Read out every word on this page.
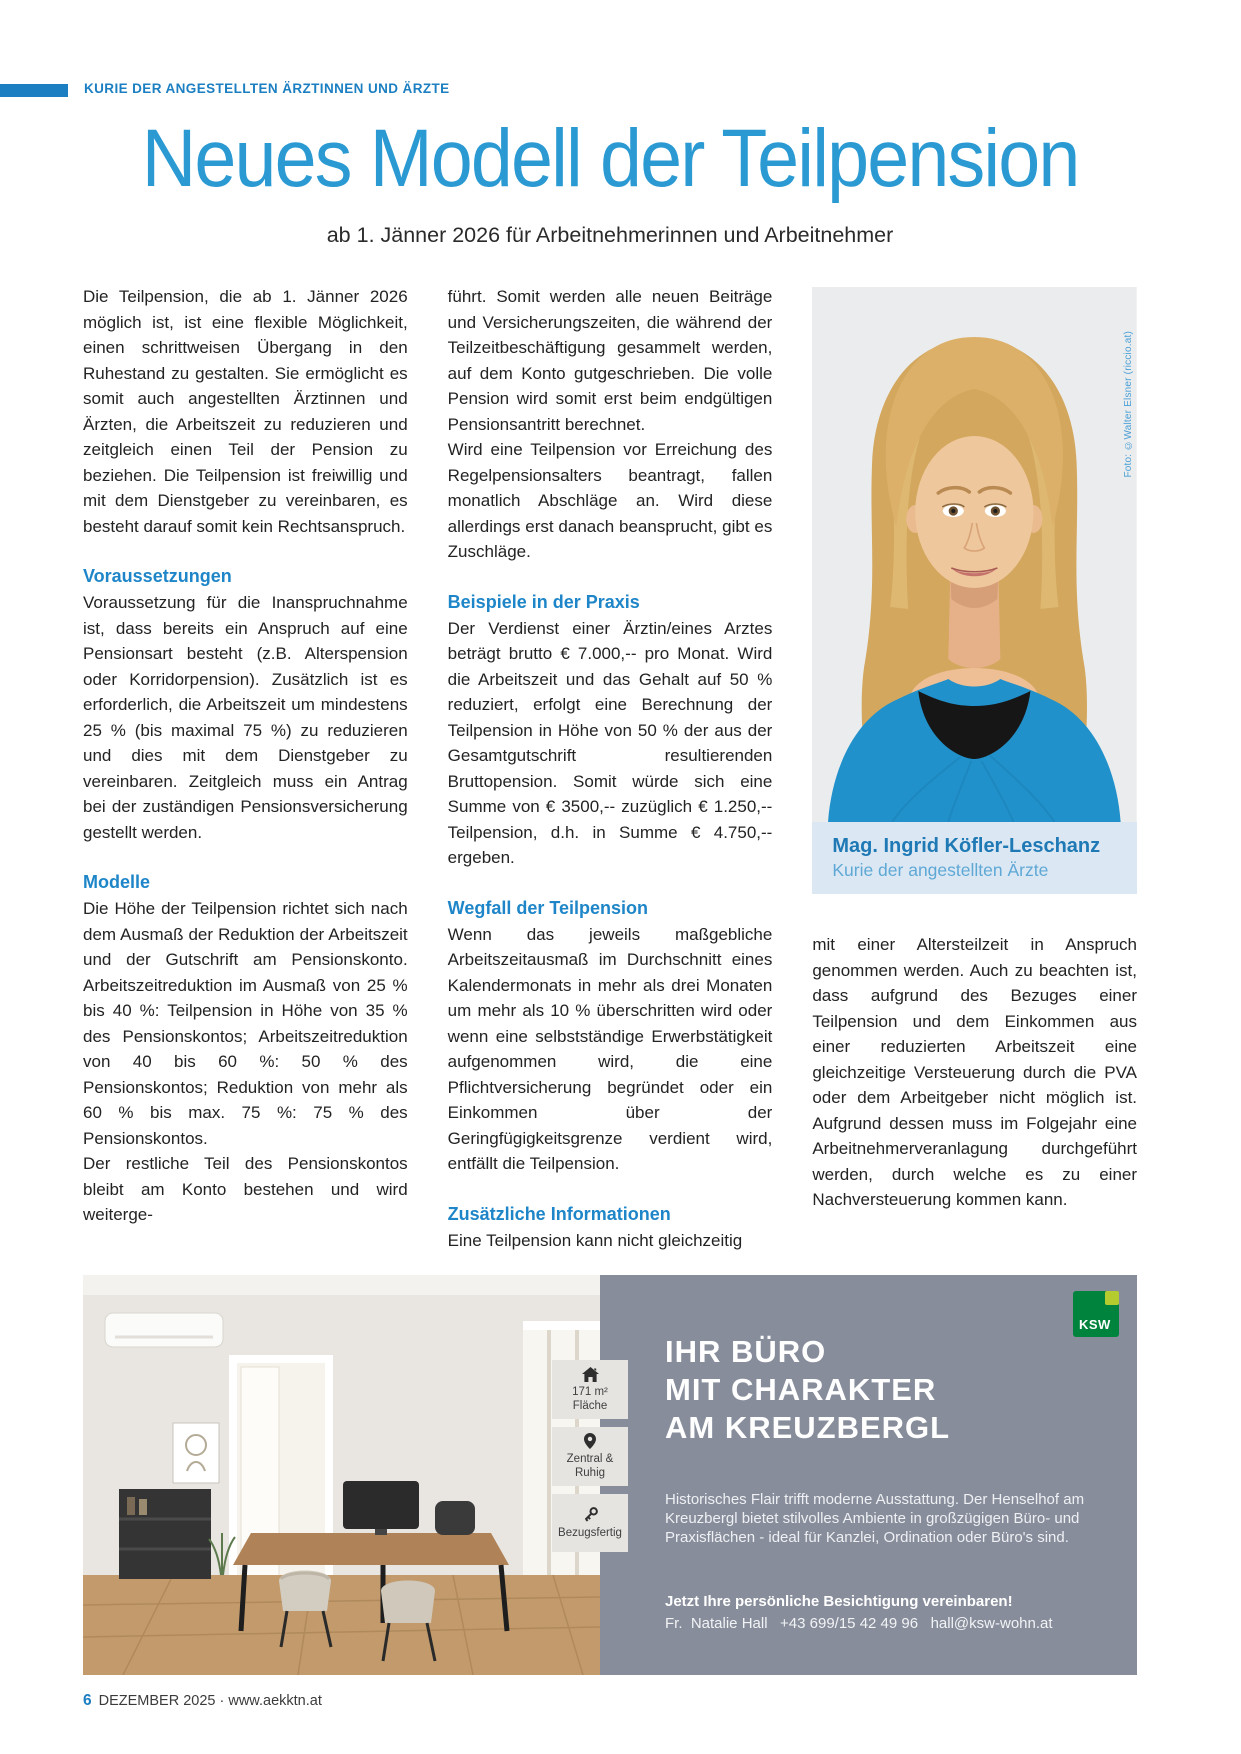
KURIE DER ANGESTELLTEN ÄRZTINNEN UND ÄRZTE
Neues Modell der Teilpension
ab 1. Jänner 2026 für Arbeitnehmerinnen und Arbeitnehmer

Die Teilpension, die ab 1. Jänner 2026 möglich ist, ist eine flexible Möglichkeit, einen schrittweisen Übergang in den Ruhestand zu gestalten. Sie ermöglicht es somit auch angestellten Ärztinnen und Ärzten, die Arbeitszeit zu reduzieren und zeitgleich einen Teil der Pension zu beziehen. Die Teilpension ist freiwillig und mit dem Dienstgeber zu vereinbaren, es besteht darauf somit kein Rechtsanspruch.

Voraussetzungen

Voraussetzung für die Inanspruchnahme ist, dass bereits ein Anspruch auf eine Pensionsart besteht (z.B. Alterspension oder Korridorpension). Zusätzlich ist es erforderlich, die Arbeitszeit um mindestens 25 % (bis maximal 75 %) zu reduzieren und dies mit dem Dienstgeber zu vereinbaren. Zeitgleich muss ein Antrag bei der zuständigen Pensionsversicherung gestellt werden.

Modelle

Die Höhe der Teilpension richtet sich nach dem Ausmaß der Reduktion der Arbeitszeit und der Gutschrift am Pensionskonto. Arbeitszeitreduktion im Ausmaß von 25 % bis 40 %: Teilpension in Höhe von 35 % des Pensionskontos; Arbeitszeitreduktion von 40 bis 60 %: 50 % des Pensionskontos; Reduktion von mehr als 60 % bis max. 75 %: 75 % des Pensionskontos.

Der restliche Teil des Pensionskontos bleibt am Konto bestehen und wird weiterge-

führt. Somit werden alle neuen Beiträge und Versicherungszeiten, die während der Teilzeitbeschäftigung gesammelt werden, auf dem Konto gutgeschrieben. Die volle Pension wird somit erst beim endgültigen Pensionsantritt berechnet.

Wird eine Teilpension vor Erreichung des Regelpensionsalters beantragt, fallen monatlich Abschläge an. Wird diese allerdings erst danach beansprucht, gibt es Zuschläge.

Beispiele in der Praxis

Der Verdienst einer Ärztin/eines Arztes beträgt brutto € 7.000,-- pro Monat. Wird die Arbeitszeit und das Gehalt auf 50 % reduziert, erfolgt eine Berechnung der Teilpension in Höhe von 50 % der aus der Gesamtgutschrift resultierenden Bruttopension. Somit würde sich eine Summe von € 3500,-- zuzüglich € 1.250,-- Teilpension, d.h. in Summe € 4.750,-- ergeben.

Wegfall der Teilpension

Wenn das jeweils maßgebliche Arbeitszeitausmaß im Durchschnitt eines Kalendermonats in mehr als drei Monaten um mehr als 10 % überschritten wird oder wenn eine selbstständige Erwerbstätigkeit aufgenommen wird, die eine Pflichtversicherung begründet oder ein Einkommen über der Geringfügigkeitsgrenze verdient wird, entfällt die Teilpension.

Zusätzliche Informationen

Eine Teilpension kann nicht gleichzeitig

Foto: ©Walter Elsner (riccio.at)
Mag. Ingrid Köfler-Leschanz
Kurie der angestellten Ärzte

mit einer Altersteilzeit in Anspruch genommen werden. Auch zu beachten ist, dass aufgrund des Bezuges einer Teilpension und dem Einkommen aus einer reduzierten Arbeitszeit eine gleichzeitige Versteuerung durch die PVA oder dem Arbeitgeber nicht möglich ist. Aufgrund dessen muss im Folgejahr eine Arbeitnehmerveranlagung durchgeführt werden, durch welche es zu einer Nachversteuerung kommen kann.

KSW
IHR BÜRO
MIT CHARAKTER
AM KREUZBERGL

Historisches Flair trifft moderne Ausstattung. Der Henselhof am Kreuzbergl bietet stilvolles Ambiente in großzügigen Büro- und Praxisflächen - ideal für Kanzlei, Ordination oder Büro's sind.

Jetzt Ihre persönliche Besichtigung vereinbaren!

Fr.  Natalie Hall   +43 699/15 42 49 96   hall@ksw-wohn.at

171 m²
Fläche
Zentral &
Ruhig
Bezugsfertig
6 DEZEMBER 2025 · www.aekktn.at
